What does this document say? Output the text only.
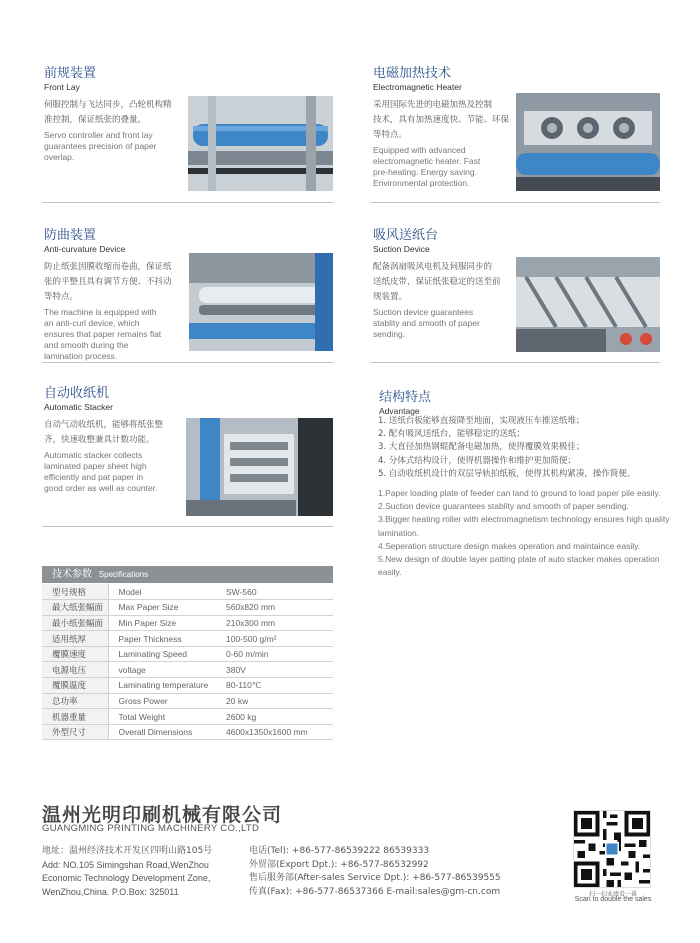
前规装置
Front Lay
伺服控制与飞达同步，凸轮机构精
准控制，保证纸张的叠量。
Servo controller and front lay
guarantees precision of paper
overlap.
电磁加热技术
Electromagnetic Heater
采用国际先进的电磁加热及控制
技术，具有加热速度快、节能、环保
等特点。
Equipped with advanced
electromagnetic heater. Fast
pre-heating. Energy saving.
Environmental protection.
防曲装置
Anti-curvature Device
防止纸张因膜收缩而卷曲，保证纸
张的平整且具有调节方便、不抖动
等特点。
The machine is equipped with
an anti-curl device, which
ensures that paper remains flat
and smooth during the
lamination process.
吸风送纸台
Suction Device
配备涡扇吸风电机及伺服同步的
送纸皮带，保证纸张稳定的送至前
规装置。
Suction device guarantees
stablity and smooth of paper
sending.
自动收纸机
Automatic Stacker
自动气动收纸机，能够将纸张整
齐，快速收整兼具计数功能。
Automatic stacker collects
laminated paper sheet high
efficiently and pat paper in
good order as well as counter.
结构特点
Advantage
1. 送纸台板能够直接降至地面，实现液压车推送纸堆；
2. 配有吸风送纸台，能够稳定的送纸；
3. 大直径加热钢辊配备电磁加热，使得覆膜效果极佳；
4. 分体式结构设计，使得机器操作和维护更加简便；
5. 自动收纸机设计的双层导轨拍纸板，使得其机构紧凑，操作简便。
1.Paper loading plate of feeder can land to ground to load paper pile easily.
2.Suction device guarantees stablity and smooth of paper sending.
3.Bigger heating roller with electromagnetism technology ensures high quality lamination.
4.Seperation structure design makes operation and maintaince easily.
5.New design of double layer patting plate of auto stacker makes operation easily.
技术参数 Specifications
型号规格	Model	SW-560
最大纸张幅面	Max Paper Size	560x820 mm
最小纸张幅面	Min Paper Size	210x300 mm
适用纸厚	Paper Thickness	100-500 g/m²
覆膜速度	Laminating Speed	0-60 m/min
电源电压	voltage	380V
覆膜温度	Laminating temperature	80-110℃
总功率	Gross Power	20 kw
机器重量	Total Weight	2600 kg
外型尺寸	Overall Dimensions	4600x1350x1600 mm
温州光明印刷机械有限公司
GUANGMING PRINTING MACHINERY CO.,LTD
地址：温州经济技术开发区四明山路105号
Add: NO.105 Simingshan Road,WenZhou
Economic Technology Development Zone,
WenZhou,China. P.O.Box: 325011
电话(Tel): +86-577-86539222 86539333
外贸部(Export Dpt.): +86-577-86532992
售后服务部(After-sales Service Dpt.): +86-577-86539555
传真(Fax): +86-577-86537366 E-mail:sales@gm-cn.com	扫一扫业绩看一番
Scan to double the sales
